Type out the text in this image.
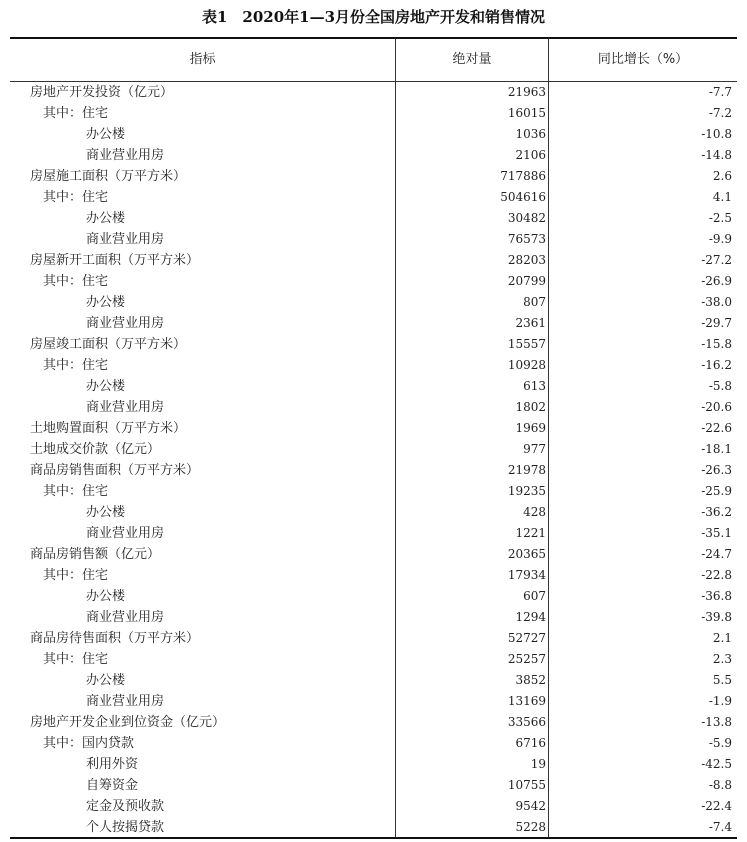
表1　2020年1—3月份全国房地产开发和销售情况
指标	绝对量	同比增长（%）
房地产开发投资（亿元）	21963	-7.7
其中：住宅	16015	-7.2
办公楼	1036	-10.8
商业营业用房	2106	-14.8
房屋施工面积（万平方米）	717886	2.6
其中：住宅	504616	4.1
办公楼	30482	-2.5
商业营业用房	76573	-9.9
房屋新开工面积（万平方米）	28203	-27.2
其中：住宅	20799	-26.9
办公楼	807	-38.0
商业营业用房	2361	-29.7
房屋竣工面积（万平方米）	15557	-15.8
其中：住宅	10928	-16.2
办公楼	613	-5.8
商业营业用房	1802	-20.6
土地购置面积（万平方米）	1969	-22.6
土地成交价款（亿元）	977	-18.1
商品房销售面积（万平方米）	21978	-26.3
其中：住宅	19235	-25.9
办公楼	428	-36.2
商业营业用房	1221	-35.1
商品房销售额（亿元）	20365	-24.7
其中：住宅	17934	-22.8
办公楼	607	-36.8
商业营业用房	1294	-39.8
商品房待售面积（万平方米）	52727	2.1
其中：住宅	25257	2.3
办公楼	3852	5.5
商业营业用房	13169	-1.9
房地产开发企业到位资金（亿元）	33566	-13.8
其中：国内贷款	6716	-5.9
利用外资	19	-42.5
自筹资金	10755	-8.8
定金及预收款	9542	-22.4
个人按揭贷款	5228	-7.4
